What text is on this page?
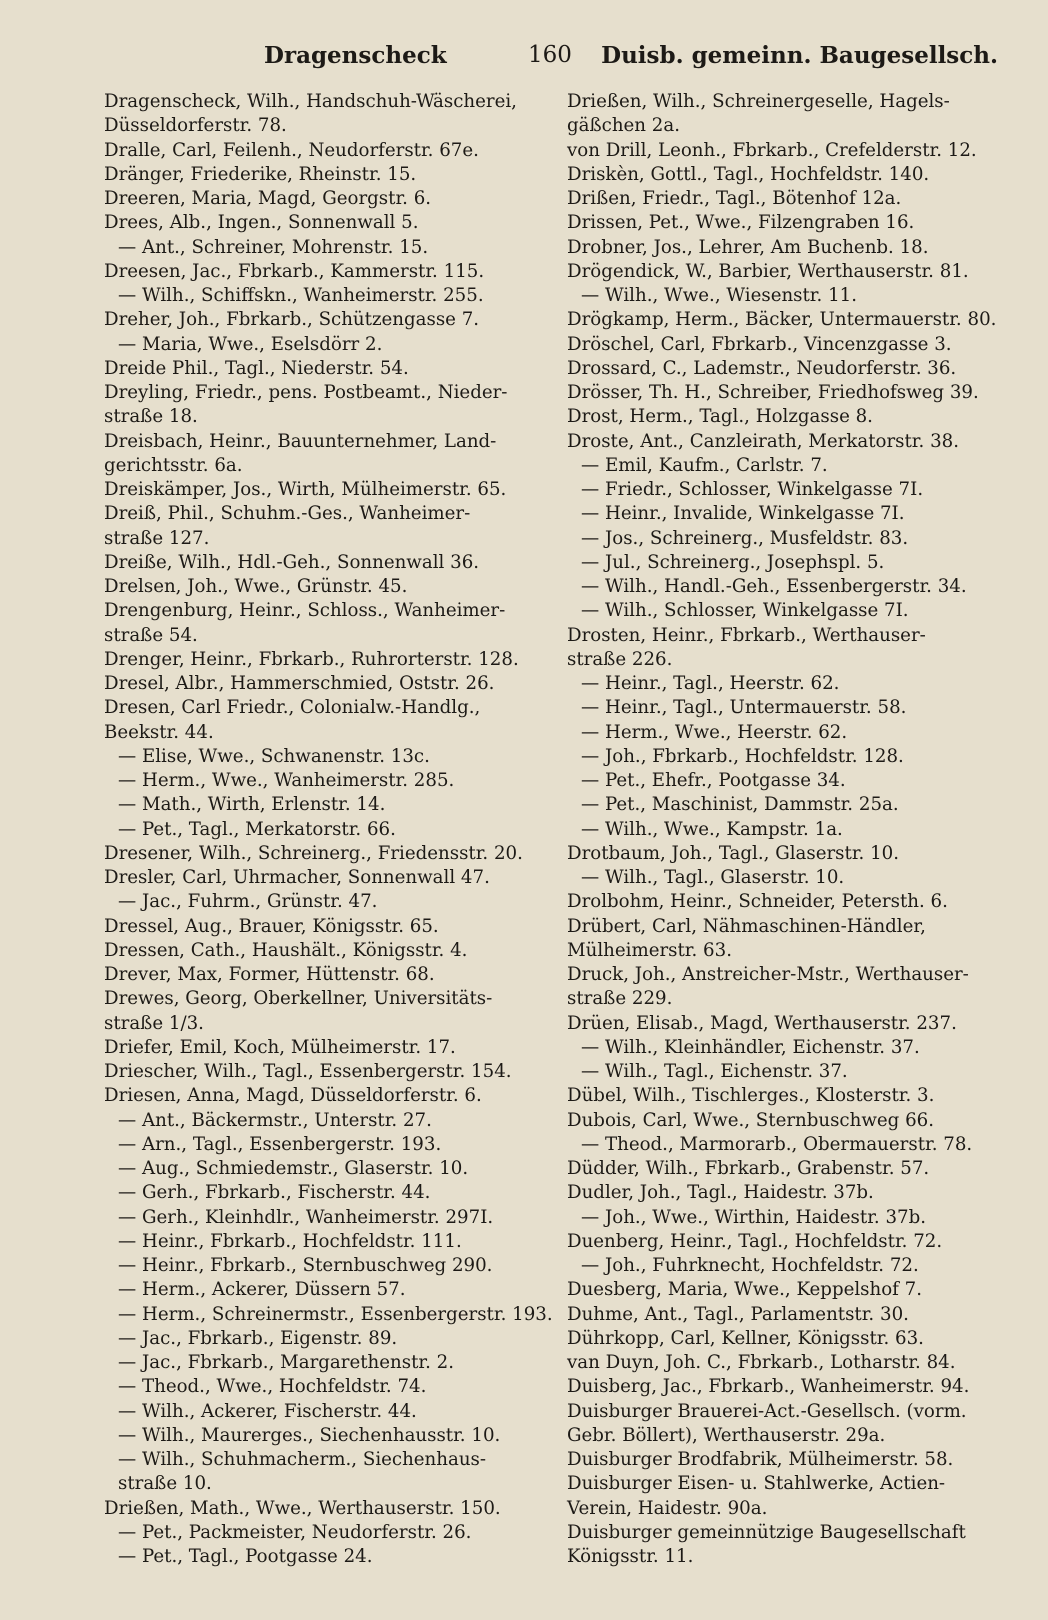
Dragenscheck	160 Duisb. gemeinn. Baugesellsch.
Dragenscheck, Wilh., Handschuh-Wäscherei,
Düsseldorferstr. 78.
Dralle, Carl, Feilenh., Neudorferstr. 67e.
Dränger, Friederike, Rheinstr. 15.
Dreeren, Maria, Magd, Georgstr. 6.
Drees, Alb., Ingen., Sonnenwall 5.
— Ant., Schreiner, Mohrenstr. 15.
Dreesen, Jac., Fbrkarb., Kammerstr. 115.
— Wilh., Schiffskn., Wanheimerstr. 255.
Dreher, Joh., Fbrkarb., Schützengasse 7.
— Maria, Wwe., Eselsdörr 2.
Dreide Phil., Tagl., Niederstr. 54.
Dreyling, Friedr., pens. Postbeamt., Nieder-
straße 18.
Dreisbach, Heinr., Bauunternehmer, Land-
gerichtsstr. 6a.
Dreiskämper, Jos., Wirth, Mülheimerstr. 65.
Dreiß, Phil., Schuhm.-Ges., Wanheimer-
straße 127.
Dreiße, Wilh., Hdl.-Geh., Sonnenwall 36.
Drelsen, Joh., Wwe., Grünstr. 45.
Drengenburg, Heinr., Schloss., Wanheimer-
straße 54.
Drenger, Heinr., Fbrkarb., Ruhrorterstr. 128.
Dresel, Albr., Hammerschmied, Oststr. 26.
Dresen, Carl Friedr., Colonialw.-Handlg.,
Beekstr. 44.
— Elise, Wwe., Schwanenstr. 13c.
— Herm., Wwe., Wanheimerstr. 285.
— Math., Wirth, Erlenstr. 14.
— Pet., Tagl., Merkatorstr. 66.
Dresener, Wilh., Schreinerg., Friedensstr. 20.
Dresler, Carl, Uhrmacher, Sonnenwall 47.
— Jac., Fuhrm., Grünstr. 47.
Dressel, Aug., Brauer, Königsstr. 65.
Dressen, Cath., Haushält., Königsstr. 4.
Drever, Max, Former, Hüttenstr. 68.
Drewes, Georg, Oberkellner, Universitäts-
straße 1/3.
Driefer, Emil, Koch, Mülheimerstr. 17.
Driescher, Wilh., Tagl., Essenbergerstr. 154.
Driesen, Anna, Magd, Düsseldorferstr. 6.
— Ant., Bäckermstr., Unterstr. 27.
— Arn., Tagl., Essenbergerstr. 193.
— Aug., Schmiedemstr., Glaserstr. 10.
— Gerh., Fbrkarb., Fischerstr. 44.
— Gerh., Kleinhdlr., Wanheimerstr. 297I.
— Heinr., Fbrkarb., Hochfeldstr. 111.
— Heinr., Fbrkarb., Sternbuschweg 290.
— Herm., Ackerer, Düssern 57.
— Herm., Schreinermstr., Essenbergerstr. 193.
— Jac., Fbrkarb., Eigenstr. 89.
— Jac., Fbrkarb., Margarethenstr. 2.
— Theod., Wwe., Hochfeldstr. 74.
— Wilh., Ackerer, Fischerstr. 44.
— Wilh., Maurerges., Siechenhausstr. 10.
— Wilh., Schuhmacherm., Siechenhaus-
straße 10.
Drießen, Math., Wwe., Werthauserstr. 150.
— Pet., Packmeister, Neudorferstr. 26.
— Pet., Tagl., Pootgasse 24.
Drießen, Wilh., Schreinergeselle, Hagels-
gäßchen 2a.
von Drill, Leonh., Fbrkarb., Crefelderstr. 12.
Driskèn, Gottl., Tagl., Hochfeldstr. 140.
Drißen, Friedr., Tagl., Bötenhof 12a.
Drissen, Pet., Wwe., Filzengraben 16.
Drobner, Jos., Lehrer, Am Buchenb. 18.
Drögendick, W., Barbier, Werthauserstr. 81.
— Wilh., Wwe., Wiesenstr. 11.
Drögkamp, Herm., Bäcker, Untermauerstr. 80.
Dröschel, Carl, Fbrkarb., Vincenzgasse 3.
Drossard, C., Lademstr., Neudorferstr. 36.
Drösser, Th. H., Schreiber, Friedhofsweg 39.
Drost, Herm., Tagl., Holzgasse 8.
Droste, Ant., Canzleirath, Merkatorstr. 38.
— Emil, Kaufm., Carlstr. 7.
— Friedr., Schlosser, Winkelgasse 7I.
— Heinr., Invalide, Winkelgasse 7I.
— Jos., Schreinerg., Musfeldstr. 83.
— Jul., Schreinerg., Josephspl. 5.
— Wilh., Handl.-Geh., Essenbergerstr. 34.
— Wilh., Schlosser, Winkelgasse 7I.
Drosten, Heinr., Fbrkarb., Werthauser-
straße 226.
— Heinr., Tagl., Heerstr. 62.
— Heinr., Tagl., Untermauerstr. 58.
— Herm., Wwe., Heerstr. 62.
— Joh., Fbrkarb., Hochfeldstr. 128.
— Pet., Ehefr., Pootgasse 34.
— Pet., Maschinist, Dammstr. 25a.
— Wilh., Wwe., Kampstr. 1a.
Drotbaum, Joh., Tagl., Glaserstr. 10.
— Wilh., Tagl., Glaserstr. 10.
Drolbohm, Heinr., Schneider, Petersth. 6.
Drübert, Carl, Nähmaschinen-Händler,
Mülheimerstr. 63.
Druck, Joh., Anstreicher-Mstr., Werthauser-
straße 229.
Drüen, Elisab., Magd, Werthauserstr. 237.
— Wilh., Kleinhändler, Eichenstr. 37.
— Wilh., Tagl., Eichenstr. 37.
Dübel, Wilh., Tischlerges., Klosterstr. 3.
Dubois, Carl, Wwe., Sternbuschweg 66.
— Theod., Marmorarb., Obermauerstr. 78.
Düdder, Wilh., Fbrkarb., Grabenstr. 57.
Dudler, Joh., Tagl., Haidestr. 37b.
— Joh., Wwe., Wirthin, Haidestr. 37b.
Duenberg, Heinr., Tagl., Hochfeldstr. 72.
— Joh., Fuhrknecht, Hochfeldstr. 72.
Duesberg, Maria, Wwe., Keppelshof 7.
Duhme, Ant., Tagl., Parlamentstr. 30.
Dührkopp, Carl, Kellner, Königsstr. 63.
van Duyn, Joh. C., Fbrkarb., Lotharstr. 84.
Duisberg, Jac., Fbrkarb., Wanheimerstr. 94.
Duisburger Brauerei-Act.-Gesellsch. (vorm.
Gebr. Böllert), Werthauserstr. 29a.
Duisburger Brodfabrik, Mülheimerstr. 58.
Duisburger Eisen- u. Stahlwerke, Actien-
Verein, Haidestr. 90a.
Duisburger gemeinnützige Baugesellschaft
Königsstr. 11.
